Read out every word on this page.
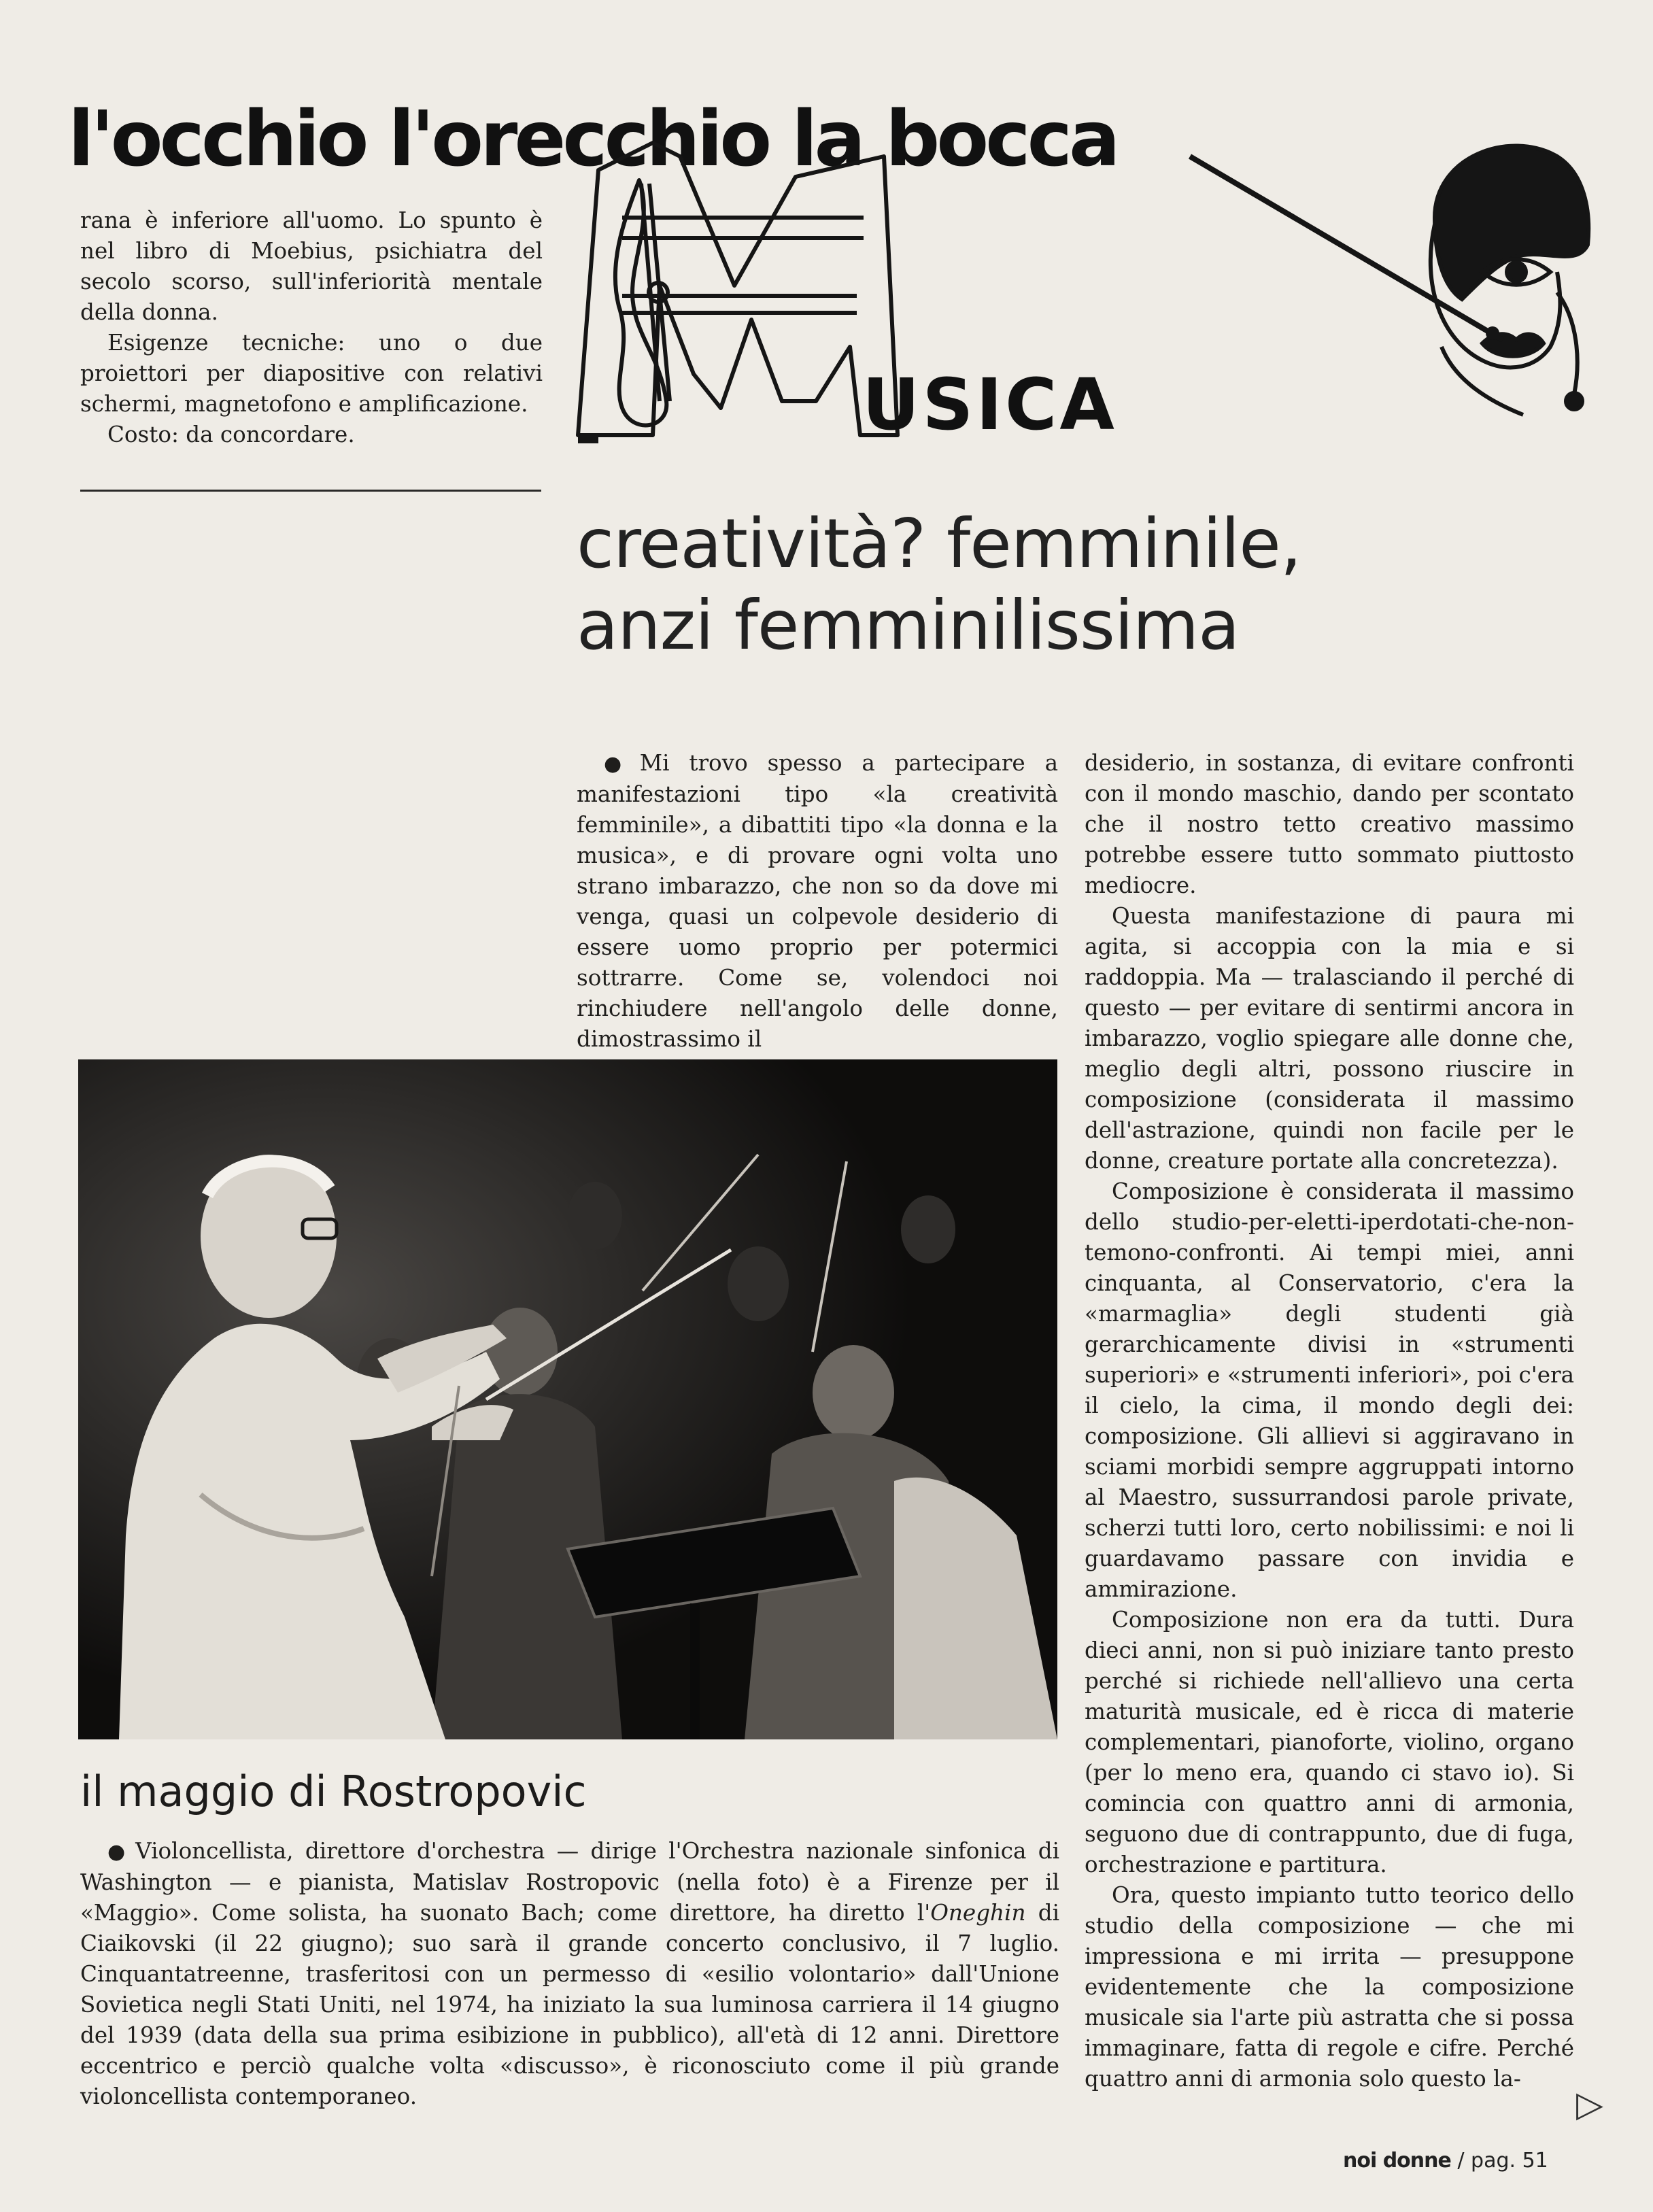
l'occhio l'orecchio la bocca

rana è inferiore all'uomo. Lo spunto è nel libro di Moebius, psichiatra del secolo scorso, sull'inferiorità mentale della donna.

Esigenze tecniche: uno o due proiettori per diapositive con relativi schermi, magnetofono e amplificazione.

Costo: da concordare.	USICA
creatività? femminile,
anzi femminilissima

● Mi trovo spesso a partecipare a manifestazioni tipo «la creatività femminile», a dibattiti tipo «la donna e la musica», e di provare ogni volta uno strano imbarazzo, che non so da dove mi venga, quasi un colpevole desiderio di essere uomo proprio per potermici sottrarre. Come se, volendoci noi rinchiudere nell'angolo delle donne, dimostrassimo il

desiderio, in sostanza, di evitare confronti con il mondo maschio, dando per scontato che il nostro tetto creativo massimo potrebbe essere tutto sommato piuttosto mediocre.

Questa manifestazione di paura mi agita, si accoppia con la mia e si raddoppia. Ma — tralasciando il perché di questo — per evitare di sentirmi ancora in imbarazzo, voglio spiegare alle donne che, meglio degli altri, possono riuscire in composizione (considerata il massimo dell'astrazione, quindi non facile per le donne, creature portate alla concretezza).

Composizione è considerata il massimo dello studio-per-eletti-iperdotati-che-non-temono-confronti. Ai tempi miei, anni cinquanta, al Conservatorio, c'era la «marmaglia» degli studenti già gerarchicamente divisi in «strumenti superiori» e «strumenti inferiori», poi c'era il cielo, la cima, il mondo degli dei: composizione. Gli allievi si aggiravano in sciami morbidi sempre aggruppati intorno al Maestro, sussurrandosi parole private, scherzi tutti loro, certo nobilissimi: e noi li guardavamo passare con invidia e ammirazione.

Composizione non era da tutti. Dura dieci anni, non si può iniziare tanto presto perché si richiede nell'allievo una certa maturità musicale, ed è ricca di materie complementari, pianoforte, violino, organo (per lo meno era, quando ci stavo io). Si comincia con quattro anni di armonia, seguono due di contrappunto, due di fuga, orchestrazione e partitura.

Ora, questo impianto tutto teorico dello studio della composizione — che mi impressiona e mi irrita — presuppone evidentemente che la composizione musicale sia l'arte più astratta che si possa immaginare, fatta di regole e cifre. Perché quattro anni di armonia solo questo la-

il maggio di Rostropovic

● Violoncellista, direttore d'orchestra — dirige l'Orchestra nazionale sinfonica di Washington — e pianista, Matislav Rostropovic (nella foto) è a Firenze per il «Maggio». Come solista, ha suonato Bach; come direttore, ha diretto l'Oneghin di Ciaikovski (il 22 giugno); suo sarà il grande concerto conclusivo, il 7 luglio. Cinquantatreenne, trasferitosi con un permesso di «esilio volontario» dall'Unione Sovietica negli Stati Uniti, nel 1974, ha iniziato la sua luminosa carriera il 14 giugno del 1939 (data della sua prima esibizione in pubblico), all'età di 12 anni. Direttore eccentrico e perciò qualche volta «discusso», è riconosciuto come il più grande violoncellista contemporaneo.	▷
noi donne / pag. 51
